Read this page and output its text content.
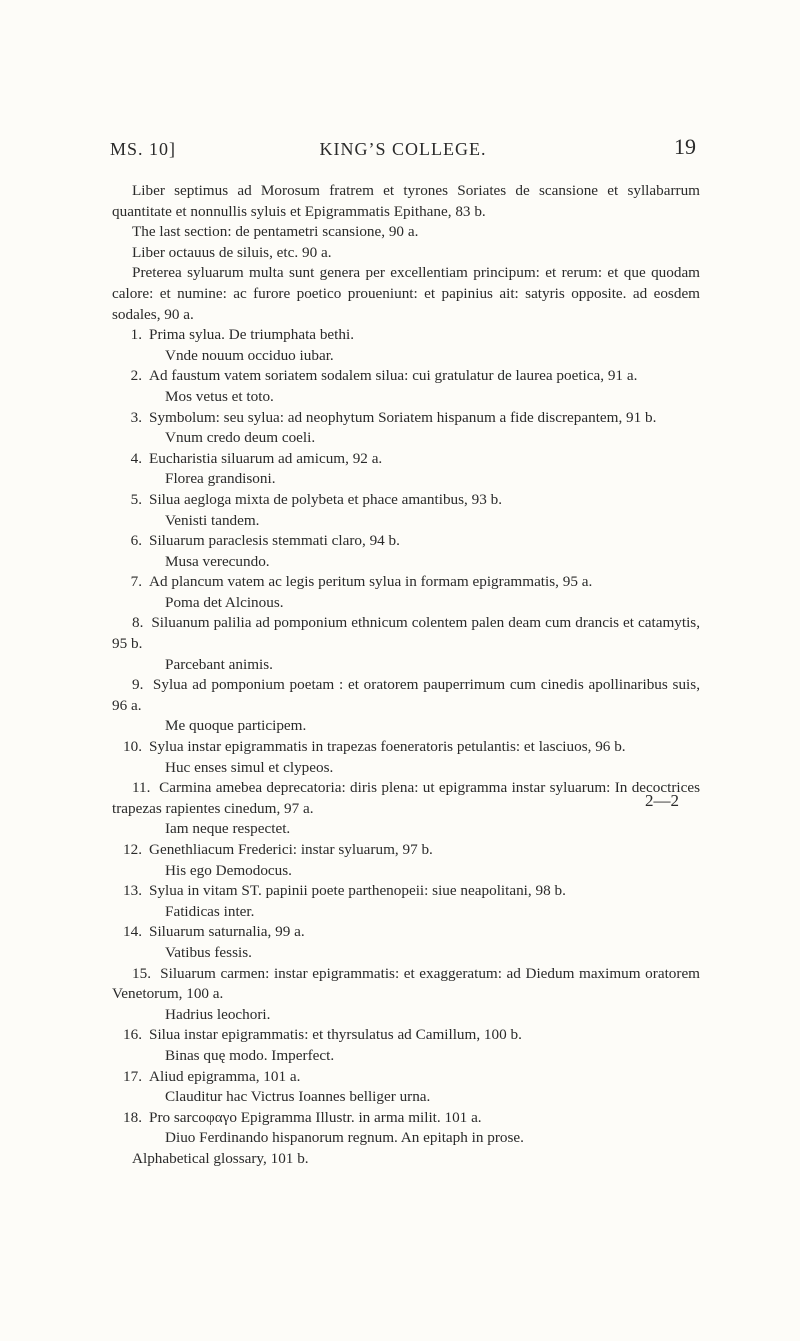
MS. 10]	KING’S COLLEGE.	19

Liber septimus ad Morosum fratrem et tyrones Soriates de scansione et syllabarrum quantitate et nonnullis syluis et Epigrammatis Epithane, 83 b.

The last section: de pentametri scansione, 90 a.

Liber octauus de siluis, etc. 90 a.

Preterea syluarum multa sunt genera per excellentiam principum: et rerum: et que quodam calore: et numine: ac furore poetico proueniunt: et papinius ait: satyris opposite. ad eosdem sodales, 90 a.

1. Prima sylua. De triumphata bethi.

Vnde nouum occiduo iubar.

2. Ad faustum vatem soriatem sodalem silua: cui gratulatur de laurea poetica, 91 a.

Mos vetus et toto.

3. Symbolum: seu sylua: ad neophytum Soriatem hispanum a fide discrepantem, 91 b.

Vnum credo deum coeli.

4. Eucharistia siluarum ad amicum, 92 a.

Florea grandisoni.

5. Silua aegloga mixta de polybeta et phace amantibus, 93 b.

Venisti tandem.

6. Siluarum paraclesis stemmati claro, 94 b.

Musa verecundo.

7. Ad plancum vatem ac legis peritum sylua in formam epigrammatis, 95 a.

Poma det Alcinous.

8. Siluanum palilia ad pomponium ethnicum colentem palen deam cum drancis et catamytis, 95 b.

Parcebant animis.

9. Sylua ad pomponium poetam : et oratorem pauperrimum cum cinedis apollinaribus suis, 96 a.

Me quoque participem.

10. Sylua instar epigrammatis in trapezas foeneratoris petulantis: et lasciuos, 96 b.

Huc enses simul et clypeos.

11. Carmina amebea deprecatoria: diris plena: ut epigramma instar syluarum: In decoctrices trapezas rapientes cinedum, 97 a.

Iam neque respectet.

12. Genethliacum Frederici: instar syluarum, 97 b.

His ego Demodocus.

13. Sylua in vitam ST. papinii poete parthenopeii: siue neapolitani, 98 b.

Fatidicas inter.

14. Siluarum saturnalia, 99 a.

Vatibus fessis.

15. Siluarum carmen: instar epigrammatis: et exaggeratum: ad Diedum maximum oratorem Venetorum, 100 a.

Hadrius leochori.

16. Silua instar epigrammatis: et thyrsulatus ad Camillum, 100 b.

Binas quę modo. Imperfect.

17. Aliud epigramma, 101 a.

Clauditur hac Victrus Ioannes belliger urna.

18. Pro sarcoφαγo Epigramma Illustr. in arma milit. 101 a.

Diuo Ferdinando hispanorum regnum. An epitaph in prose.

Alphabetical glossary, 101 b.

2—2
